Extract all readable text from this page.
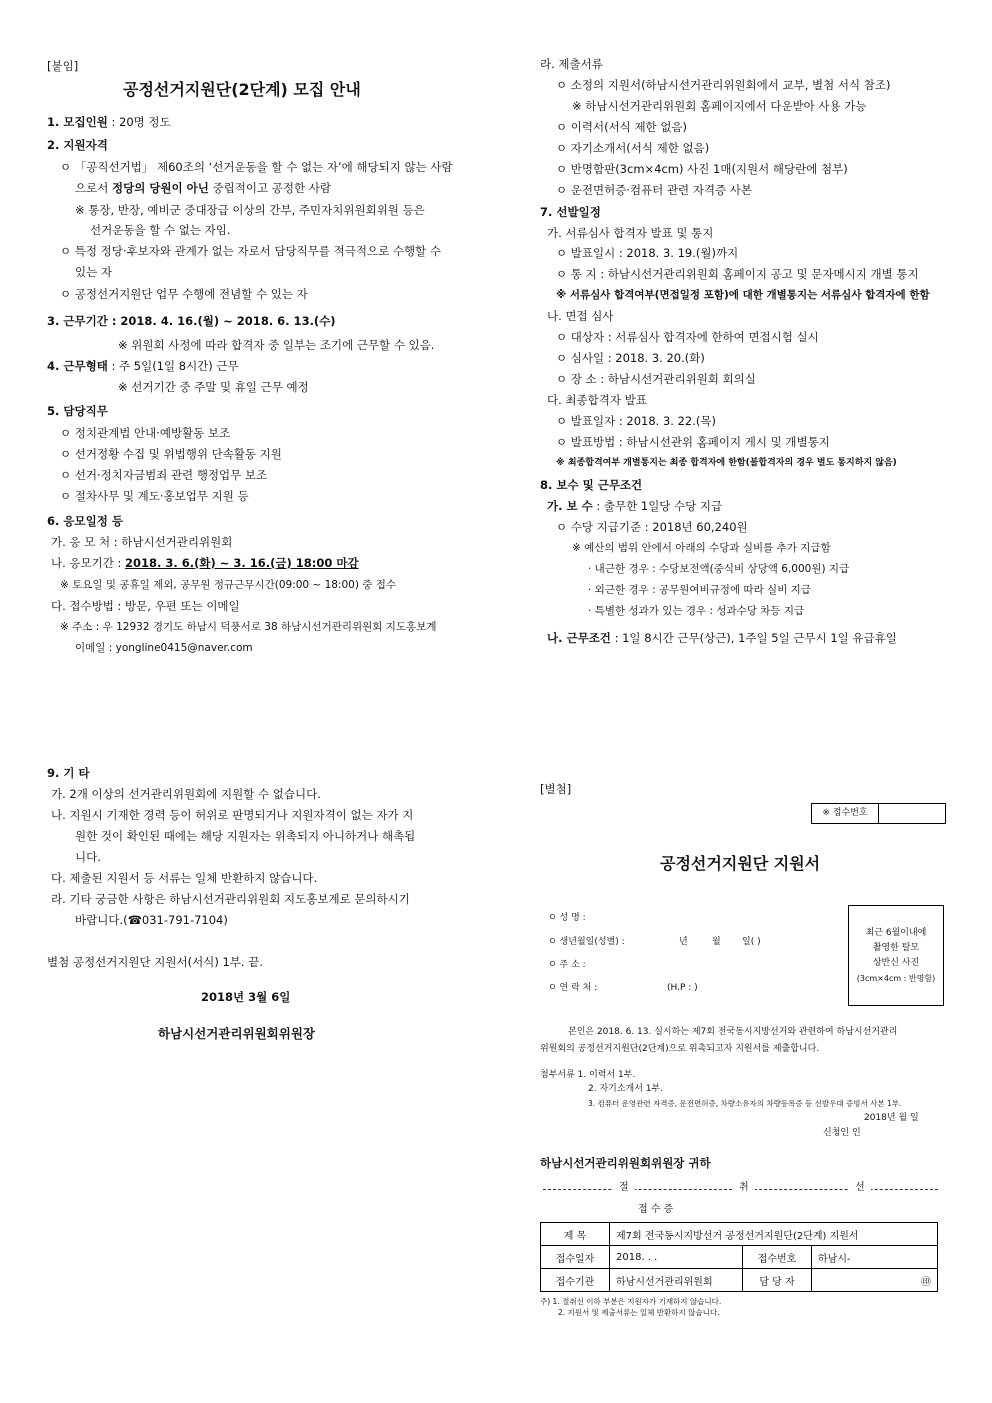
[붙임]
공정선거지원단(2단계) 모집 안내
1. 모집인원 : 20명 정도
2. 지원자격
ㅇ 「공직선거법」 제60조의 ‘선거운동을 할 수 없는 자’에 해당되지 않는 사람
으로서 정당의 당원이 아닌 중립적이고 공정한 사람
※ 통장, 반장, 예비군 중대장급 이상의 간부, 주민자치위원회위원 등은
선거운동을 할 수 없는 자임.
ㅇ 특정 정당·후보자와 관계가 없는 자로서 담당직무를 적극적으로 수행할 수
있는 자
ㅇ 공정선거지원단 업무 수행에 전념할 수 있는 자
3. 근무기간 : 2018. 4. 16.(월) ~ 2018. 6. 13.(수)
※ 위원회 사정에 따라 합격자 중 일부는 조기에 근무할 수 있음.
4. 근무형태 : 주 5일(1일 8시간) 근무
※ 선거기간 중 주말 및 휴일 근무 예정
5. 담당직무
ㅇ 정치관계법 안내·예방활동 보조
ㅇ 선거정황 수집 및 위법행위 단속활동 지원
ㅇ 선거·정치자금범죄 관련 행정업무 보조
ㅇ 절차사무 및 계도·홍보업무 지원 등
6. 응모일정 등
가. 응 모 처 : 하남시선거관리위원회
나. 응모기간 : 2018. 3. 6.(화) ~ 3. 16.(금) 18:00 마감
※ 토요일 및 공휴일 제외, 공무원 정규근무시간(09:00 ~ 18:00) 중 접수
다. 접수방법 : 방문, 우편 또는 이메일
※ 주소 : 우 12932 경기도 하남시 덕풍서로 38 하남시선거관리위원회 지도홍보계
이메일 : yongline0415@naver.com
라. 제출서류
ㅇ 소정의 지원서(하남시선거관리위원회에서 교부, 별첨 서식 참조)
※ 하남시선거관리위원회 홈페이지에서 다운받아 사용 가능
ㅇ 이력서(서식 제한 없음)
ㅇ 자기소개서(서식 제한 없음)
ㅇ 반명함판(3cm×4cm) 사진 1매(지원서 해당란에 첨부)
ㅇ 운전면허증·컴퓨터 관련 자격증 사본
7. 선발일정
가. 서류심사 합격자 발표 및 통지
ㅇ 발표일시 : 2018. 3. 19.(월)까지
ㅇ 통 지 : 하남시선거관리위원회 홈페이지 공고 및 문자메시지 개별 통지
※ 서류심사 합격여부(면접일정 포함)에 대한 개별통지는 서류심사 합격자에 한함
나. 면접 심사
ㅇ 대상자 : 서류심사 합격자에 한하여 면접시험 실시
ㅇ 심사일 : 2018. 3. 20.(화)
ㅇ 장 소 : 하남시선거관리위원회 회의실
다. 최종합격자 발표
ㅇ 발표일자 : 2018. 3. 22.(목)
ㅇ 발표방법 : 하남시선관위 홈페이지 게시 및 개별통지
※ 최종합격여부 개별통지는 최종 합격자에 한함(불합격자의 경우 별도 통지하지 않음)
8. 보수 및 근무조건
가. 보 수 : 출무한 1일당 수당 지급
ㅇ 수당 지급기준 : 2018년 60,240원
※ 예산의 범위 안에서 아래의 수당과 실비를 추가 지급함
· 내근한 경우 : 수당보전액(중식비 상당액 6,000원) 지급
· 외근한 경우 : 공무원여비규정에 따라 실비 지급
· 특별한 성과가 있는 경우 : 성과수당 차등 지급
나. 근무조건 : 1일 8시간 근무(상근), 1주일 5일 근무시 1일 유급휴일
9. 기 타
가. 2개 이상의 선거관리위원회에 지원할 수 없습니다.
나. 지원시 기재한 경력 등이 허위로 판명되거나 지원자격이 없는 자가 지
원한 것이 확인된 때에는 해당 지원자는 위촉되지 아니하거나 해촉됩
니다.
다. 제출된 지원서 등 서류는 일체 반환하지 않습니다.
라. 기타 궁금한 사항은 하남시선거관리위원회 지도홍보계로 문의하시기
바랍니다.(☎031-791-7104)
별첨 공정선거지원단 지원서(서식) 1부. 끝.
2018년 3월 6일
하남시선거관리위원회위원장
[별첨]
※ 접수번호
공정선거지원단 지원서
ㅇ 성 명 :
ㅇ 생년월일(성별) :	년	월 일( )
ㅇ 주 소 :
ㅇ 연 락 처 :	(H.P : )
최근 6월이내에
촬영한 탈모
상반신 사진
(3cm×4cm : 반명함)
본인은 2018. 6. 13. 실시하는 제7회 전국동시지방선거와 관련하여 하남시선거관리
위원회의 공정선거지원단(2단계)으로 위촉되고자 지원서를 제출합니다.
첨부서류 1. 이력서 1부.
2. 자기소개서 1부.
3. 컴퓨터 운영관련 자격증, 운전면허증, 차량소유자의 차량등록증 등 선발우대 증빙서 사본 1부.
2018년 월 일
신청인 인
하남시선거관리위원회위원장 귀하
절	취	선
접 수 증
제 목	제7회 전국동시지방선거 공정선거지원단(2단계) 지원서		
접수일자	2018. . .	접수번호	하남시-
접수기관	하남시선거관리위원회	담 당 자	㊞
주) 1. 절취선 이하 부분은 지원자가 기재하지 않습니다.
2. 지원서 및 제출서류는 일체 반환하지 않습니다.
